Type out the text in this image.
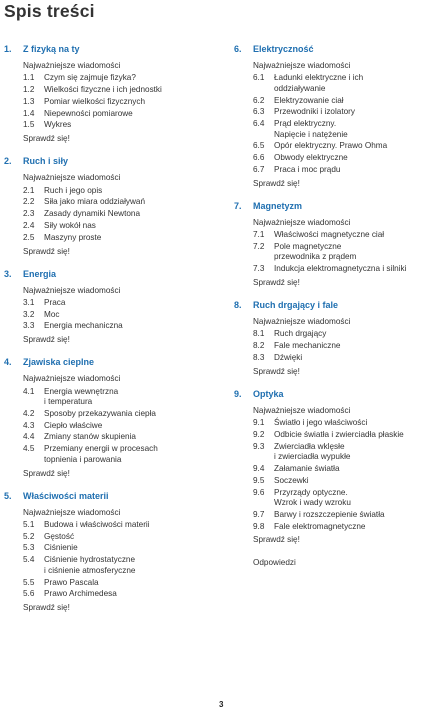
Spis treści
1.	Z fizyką na ty
Najważniejsze wiadomości
1.1	Czym się zajmuje fizyka?
1.2	Wielkości fizyczne i ich jednostki
1.3	Pomiar wielkości fizycznych
1.4	Niepewności pomiarowe
1.5	Wykres
Sprawdź się!
2.	Ruch i siły
Najważniejsze wiadomości
2.1	Ruch i jego opis
2.2	Siła jako miara oddziaływań
2.3	Zasady dynamiki Newtona
2.4	Siły wokół nas
2.5	Maszyny proste
Sprawdź się!
3.	Energia
Najważniejsze wiadomości
3.1	Praca
3.2	Moc
3.3	Energia mechaniczna
Sprawdź się!
4.	Zjawiska cieplne
Najważniejsze wiadomości
4.1	Energia wewnętrzna
i temperatura
4.2	Sposoby przekazywania ciepła
4.3	Ciepło właściwe
4.4	Zmiany stanów skupienia
4.5	Przemiany energii w procesach
topnienia i parowania
Sprawdź się!
5.	Właściwości materii
Najważniejsze wiadomości
5.1	Budowa i właściwości materii
5.2	Gęstość
5.3	Ciśnienie
5.4	Ciśnienie hydrostatyczne
i ciśnienie atmosferyczne
5.5	Prawo Pascala
5.6	Prawo Archimedesa
Sprawdź się!
6.	Elektryczność
Najważniejsze wiadomości
6.1	Ładunki elektryczne i ich
oddziaływanie
6.2	Elektryzowanie ciał
6.3	Przewodniki i izolatory
6.4	Prąd elektryczny.
Napięcie i natężenie
6.5	Opór elektryczny. Prawo Ohma
6.6	Obwody elektryczne
6.7	Praca i moc prądu
Sprawdź się!
7.	Magnetyzm
Najważniejsze wiadomości
7.1	Właściwości magnetyczne ciał
7.2	Pole magnetyczne
przewodnika z prądem
7.3	Indukcja elektromagnetyczna i silniki
Sprawdź się!
8.	Ruch drgający i fale
Najważniejsze wiadomości
8.1	Ruch drgający
8.2	Fale mechaniczne
8.3	Dźwięki
Sprawdź się!
9.	Optyka
Najważniejsze wiadomości
9.1	Światło i jego właściwości
9.2	Odbicie światła i zwierciadła płaskie
9.3	Zwierciadła wklęsłe
i zwierciadła wypukłe
9.4	Załamanie światła
9.5	Soczewki
9.6	Przyrządy optyczne.
Wzrok i wady wzroku
9.7	Barwy i rozszczepienie światła
9.8	Fale elektromagnetyczne
Sprawdź się!
Odpowiedzi
3
